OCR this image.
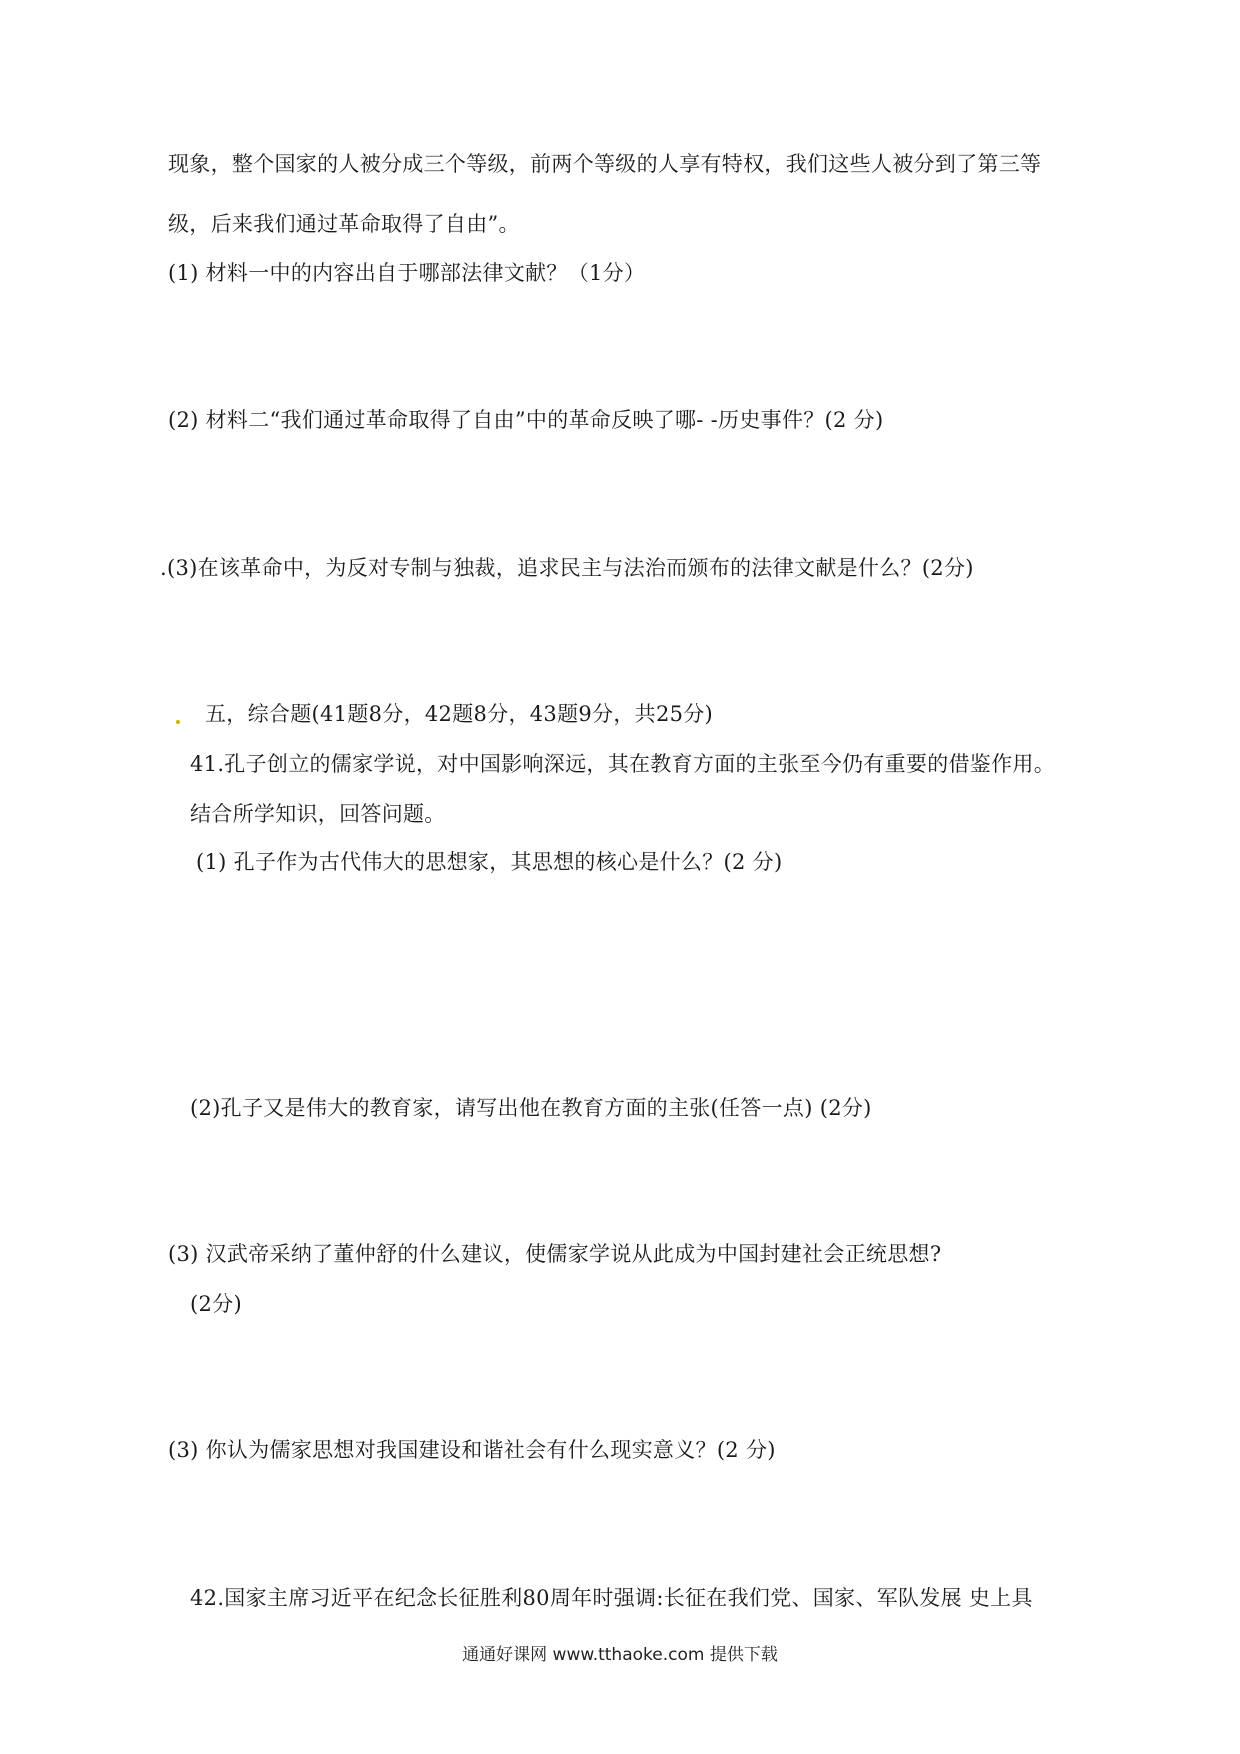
现象，整个国家的人被分成三个等级，前两个等级的人享有特权，我们这些人被分到了第三等
级，后来我们通过革命取得了自由”。
(1) 材料一中的内容出自于哪部法律文献？（1分）
(2) 材料二“我们通过革命取得了自由”中的革命反映了哪- -历史事件？(2 分)
.(3)在该革命中，为反对专制与独裁，追求民主与法治而颁布的法律文献是什么？(2分)
五，综合题(41题8分，42题8分，43题9分，共25分)
41.孔子创立的儒家学说，对中国影响深远，其在教育方面的主张至今仍有重要的借鉴作用。
结合所学知识，回答问题。
(1) 孔子作为古代伟大的思想家，其思想的核心是什么？(2 分)
(2)孔子又是伟大的教育家，请写出他在教育方面的主张(任答一点) (2分)
(3) 汉武帝采纳了董仲舒的什么建议，使儒家学说从此成为中国封建社会正统思想?
(2分)
(3) 你认为儒家思想对我国建设和谐社会有什么现实意义？(2 分)
42.国家主席习近平在纪念长征胜利80周年时强调:长征在我们党、国家、军队发展 史上具
通通好课网 www.tthaoke.com 提供下载
